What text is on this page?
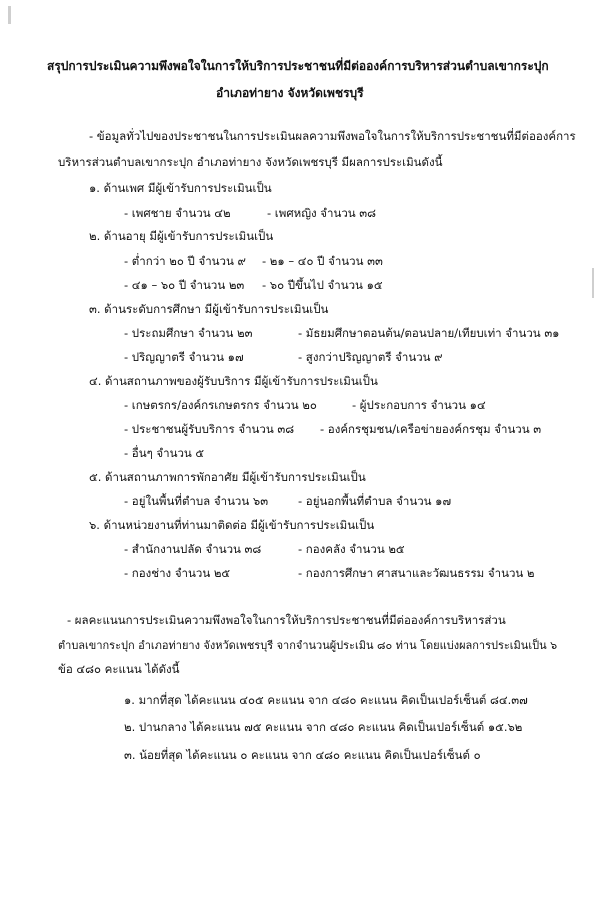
สรุปการประเมินความพึงพอใจในการให้บริการประชาชนที่มีต่อองค์การบริหารส่วนตำบลเขากระปุก
อำเภอท่ายาง จังหวัดเพชรบุรี
- ข้อมูลทั่วไปของประชาชนในการประเมินผลความพึงพอใจในการให้บริการประชาชนที่มีต่อองค์การ
บริหารส่วนตำบลเขากระปุก อำเภอท่ายาง จังหวัดเพชรบุรี มีผลการประเมินดังนี้
๑. ด้านเพศ มีผู้เข้ารับการประเมินเป็น
- เพศชาย จำนวน ๔๒	- เพศหญิง จำนวน ๓๘
๒. ด้านอายุ มีผู้เข้ารับการประเมินเป็น
- ต่ำกว่า ๒๐ ปี จำนวน ๙ - ๒๑ – ๔๐ ปี จำนวน ๓๓
- ๔๑ – ๖๐ ปี จำนวน ๒๓ - ๖๐ ปีขึ้นไป จำนวน ๑๕
๓. ด้านระดับการศึกษา มีผู้เข้ารับการประเมินเป็น
- ประถมศึกษา จำนวน ๒๓	- มัธยมศึกษาตอนต้น/ตอนปลาย/เทียบเท่า จำนวน ๓๑
- ปริญญาตรี จำนวน ๑๗	- สูงกว่าปริญญาตรี จำนวน ๙
๔. ด้านสถานภาพของผู้รับบริการ มีผู้เข้ารับการประเมินเป็น
- เกษตรกร/องค์กรเกษตรกร จำนวน ๒๐	- ผู้ประกอบการ จำนวน ๑๔
- ประชาชนผู้รับบริการ จำนวน ๓๘ - องค์กรชุมชน/เครือข่ายองค์กรชุม จำนวน ๓
- อื่นๆ จำนวน ๕
๕. ด้านสถานภาพการพักอาศัย มีผู้เข้ารับการประเมินเป็น
- อยู่ในพื้นที่ตำบล จำนวน ๖๓	- อยู่นอกพื้นที่ตำบล จำนวน ๑๗
๖. ด้านหน่วยงานที่ท่านมาติดต่อ มีผู้เข้ารับการประเมินเป็น
- สำนักงานปลัด จำนวน ๓๘	- กองคลัง จำนวน ๒๕
- กองช่าง จำนวน ๒๕	- กองการศึกษา ศาสนาและวัฒนธรรม จำนวน ๒
- ผลคะแนนการประเมินความพึงพอใจในการให้บริการประชาชนที่มีต่อองค์การบริหารส่วน
ตำบลเขากระปุก อำเภอท่ายาง จังหวัดเพชรบุรี จากจำนวนผู้ประเมิน ๘๐ ท่าน โดยแบ่งผลการประเมินเป็น ๖
ข้อ ๔๘๐ คะแนน ได้ดังนี้
๑. มากที่สุด ได้คะแนน ๔๐๕ คะแนน จาก ๔๘๐ คะแนน คิดเป็นเปอร์เซ็นต์ ๘๔.๓๗
๒. ปานกลาง ได้คะแนน ๗๕ คะแนน จาก ๔๘๐ คะแนน คิดเป็นเปอร์เซ็นต์ ๑๕.๖๒
๓. น้อยที่สุด ได้คะแนน ๐ คะแนน จาก ๔๘๐ คะแนน คิดเป็นเปอร์เซ็นต์ ๐
